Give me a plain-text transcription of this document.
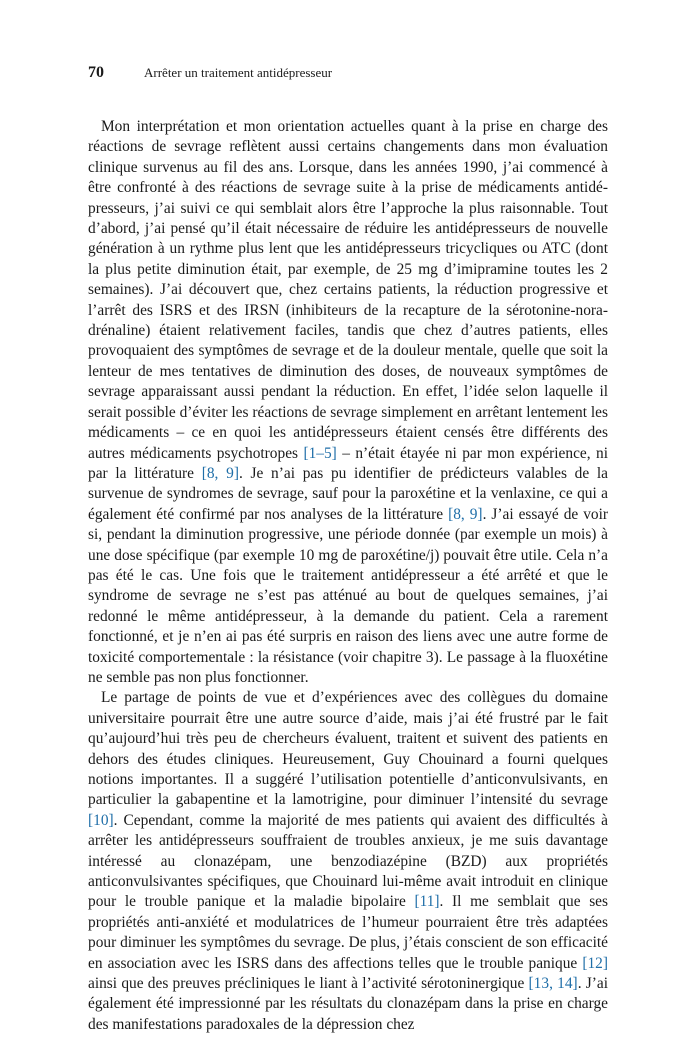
70	Arrêter un traitement antidépresseur

Mon interprétation et mon orientation actuelles quant à la prise en charge des réactions de sevrage reflètent aussi certains changements dans mon évaluation clinique survenus au fil des ans. Lorsque, dans les années 1990, j’ai commencé à être confronté à des réactions de sevrage suite à la prise de médicaments antidépresseurs, j’ai suivi ce qui semblait alors être l’approche la plus raisonnable. Tout d’abord, j’ai pensé qu’il était nécessaire de réduire les antidépresseurs de nouvelle génération à un rythme plus lent que les antidépresseurs tricycliques ou ATC (dont la plus petite diminution était, par exemple, de 25 mg d’imipramine toutes les 2 semaines). J’ai découvert que, chez certains patients, la réduction progressive et l’arrêt des ISRS et des IRSN (inhibiteurs de la recapture de la sérotonine-noradrénaline) étaient relativement faciles, tandis que chez d’autres patients, elles provoquaient des symptômes de sevrage et de la douleur mentale, quelle que soit la lenteur de mes tentatives de diminution des doses, de nouveaux symptômes de sevrage apparaissant aussi pendant la réduction. En effet, l’idée selon laquelle il serait possible d’éviter les réactions de sevrage simplement en arrêtant lentement les médicaments – ce en quoi les antidépresseurs étaient censés être différents des autres médicaments psychotropes [1–5] – n’était étayée ni par mon expérience, ni par la littérature [8, 9]. Je n’ai pas pu identifier de prédicteurs valables de la survenue de syndromes de sevrage, sauf pour la paroxétine et la venlaxine, ce qui a également été confirmé par nos analyses de la littérature [8, 9]. J’ai essayé de voir si, pendant la diminution progressive, une période donnée (par exemple un mois) à une dose spécifique (par exemple 10 mg de paroxétine/j) pouvait être utile. Cela n’a pas été le cas. Une fois que le traitement antidépresseur a été arrêté et que le syndrome de sevrage ne s’est pas atténué au bout de quelques semaines, j’ai redonné le même antidépresseur, à la demande du patient. Cela a rarement fonctionné, et je n’en ai pas été surpris en raison des liens avec une autre forme de toxicité comportementale : la résistance (voir chapitre 3). Le passage à la fluoxétine ne semble pas non plus fonctionner.

Le partage de points de vue et d’expériences avec des collègues du domaine universitaire pourrait être une autre source d’aide, mais j’ai été frustré par le fait qu’aujourd’hui très peu de chercheurs évaluent, traitent et suivent des patients en dehors des études cliniques. Heureusement, Guy Chouinard a fourni quelques notions importantes. Il a suggéré l’utilisation potentielle d’anticonvulsivants, en particulier la gabapentine et la lamotrigine, pour diminuer l’intensité du sevrage [10]. Cependant, comme la majorité de mes patients qui avaient des difficultés à arrêter les antidépresseurs souffraient de troubles anxieux, je me suis davantage intéressé au clonazépam, une benzodiazépine (BZD) aux propriétés anticonvulsivantes spécifiques, que Chouinard lui-même avait introduit en clinique pour le trouble panique et la maladie bipolaire [11]. Il me semblait que ses propriétés anti-anxiété et modulatrices de l’humeur pourraient être très adaptées pour diminuer les symptômes du sevrage. De plus, j’étais conscient de son efficacité en association avec les ISRS dans des affections telles que le trouble panique [12] ainsi que des preuves précliniques le liant à l’activité sérotoninergique [13, 14]. J’ai également été impressionné par les résultats du clonazépam dans la prise en charge des manifestations paradoxales de la dépression chez
